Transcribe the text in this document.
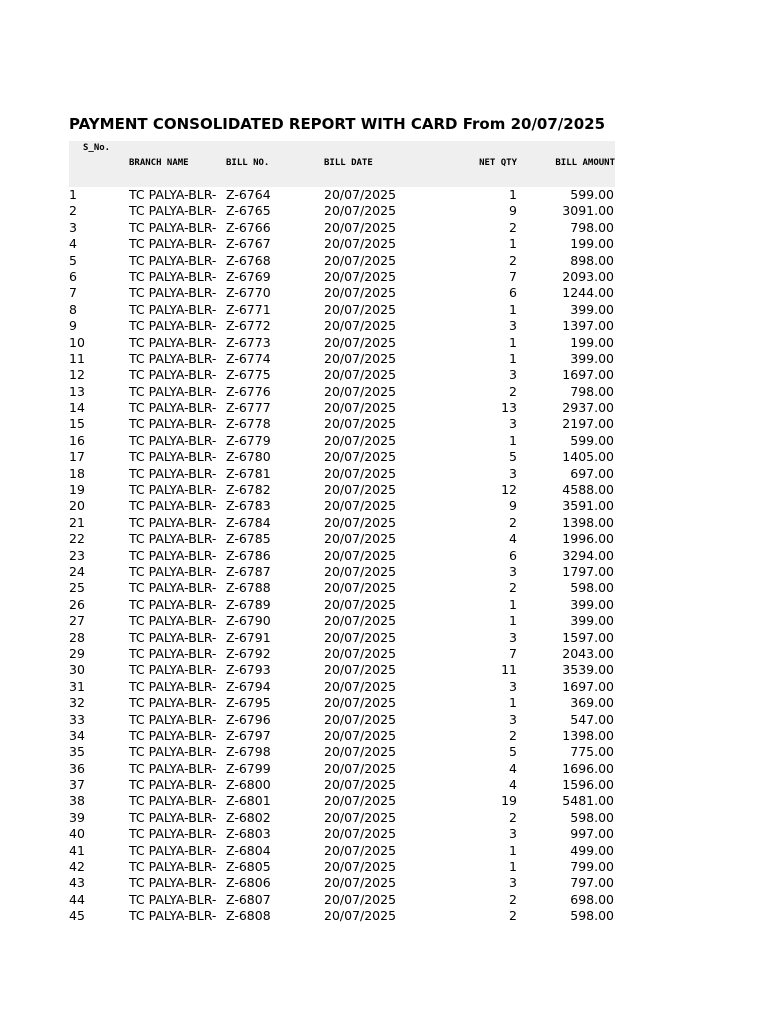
PAYMENT CONSOLIDATED REPORT WITH CARD From 20/07/2025
S_No.
BRANCH NAME	BILL NO.	BILL DATE	NET QTY	BILL AMOUNT
1	TC PALYA-BLR- Z-6764	20/07/2025	1	599.00
2	TC PALYA-BLR- Z-6765	20/07/2025	9	3091.00
3	TC PALYA-BLR- Z-6766	20/07/2025	2	798.00
4	TC PALYA-BLR- Z-6767	20/07/2025	1	199.00
5	TC PALYA-BLR- Z-6768	20/07/2025	2	898.00
6	TC PALYA-BLR- Z-6769	20/07/2025	7	2093.00
7	TC PALYA-BLR- Z-6770	20/07/2025	6	1244.00
8	TC PALYA-BLR- Z-6771	20/07/2025	1	399.00
9	TC PALYA-BLR- Z-6772	20/07/2025	3	1397.00
10	TC PALYA-BLR- Z-6773	20/07/2025	1	199.00
11	TC PALYA-BLR- Z-6774	20/07/2025	1	399.00
12	TC PALYA-BLR- Z-6775	20/07/2025	3	1697.00
13	TC PALYA-BLR- Z-6776	20/07/2025	2	798.00
14	TC PALYA-BLR- Z-6777	20/07/2025	13	2937.00
15	TC PALYA-BLR- Z-6778	20/07/2025	3	2197.00
16	TC PALYA-BLR- Z-6779	20/07/2025	1	599.00
17	TC PALYA-BLR- Z-6780	20/07/2025	5	1405.00
18	TC PALYA-BLR- Z-6781	20/07/2025	3	697.00
19	TC PALYA-BLR- Z-6782	20/07/2025	12	4588.00
20	TC PALYA-BLR- Z-6783	20/07/2025	9	3591.00
21	TC PALYA-BLR- Z-6784	20/07/2025	2	1398.00
22	TC PALYA-BLR- Z-6785	20/07/2025	4	1996.00
23	TC PALYA-BLR- Z-6786	20/07/2025	6	3294.00
24	TC PALYA-BLR- Z-6787	20/07/2025	3	1797.00
25	TC PALYA-BLR- Z-6788	20/07/2025	2	598.00
26	TC PALYA-BLR- Z-6789	20/07/2025	1	399.00
27	TC PALYA-BLR- Z-6790	20/07/2025	1	399.00
28	TC PALYA-BLR- Z-6791	20/07/2025	3	1597.00
29	TC PALYA-BLR- Z-6792	20/07/2025	7	2043.00
30	TC PALYA-BLR- Z-6793	20/07/2025	11	3539.00
31	TC PALYA-BLR- Z-6794	20/07/2025	3	1697.00
32	TC PALYA-BLR- Z-6795	20/07/2025	1	369.00
33	TC PALYA-BLR- Z-6796	20/07/2025	3	547.00
34	TC PALYA-BLR- Z-6797	20/07/2025	2	1398.00
35	TC PALYA-BLR- Z-6798	20/07/2025	5	775.00
36	TC PALYA-BLR- Z-6799	20/07/2025	4	1696.00
37	TC PALYA-BLR- Z-6800	20/07/2025	4	1596.00
38	TC PALYA-BLR- Z-6801	20/07/2025	19	5481.00
39	TC PALYA-BLR- Z-6802	20/07/2025	2	598.00
40	TC PALYA-BLR- Z-6803	20/07/2025	3	997.00
41	TC PALYA-BLR- Z-6804	20/07/2025	1	499.00
42	TC PALYA-BLR- Z-6805	20/07/2025	1	799.00
43	TC PALYA-BLR- Z-6806	20/07/2025	3	797.00
44	TC PALYA-BLR- Z-6807	20/07/2025	2	698.00
45	TC PALYA-BLR- Z-6808	20/07/2025	2	598.00
